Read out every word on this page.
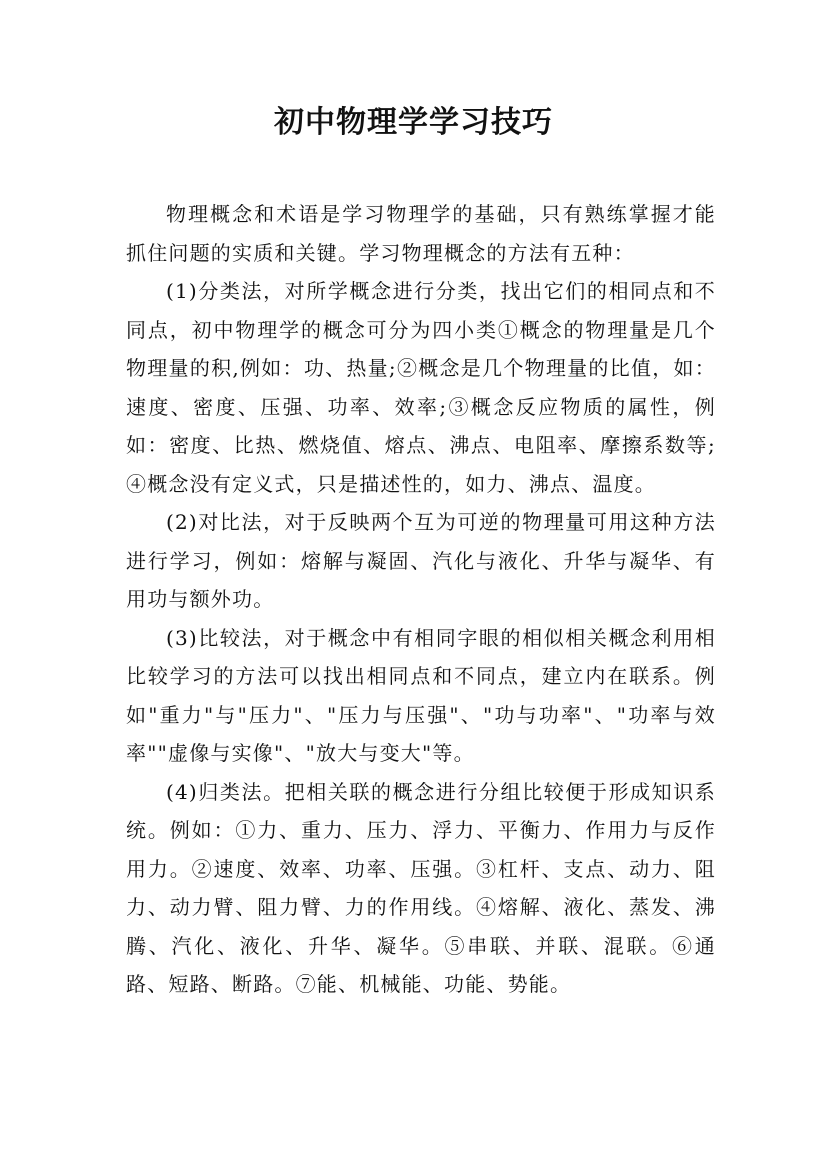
初中物理学学习技巧

物理概念和术语是学习物理学的基础，只有熟练掌握才能抓住问题的实质和关键。学习物理概念的方法有五种：

(1)分类法，对所学概念进行分类，找出它们的相同点和不同点，初中物理学的概念可分为四小类①概念的物理量是几个物理量的积,例如：功、热量;②概念是几个物理量的比值，如：速度、密度、压强、功率、效率;③概念反应物质的属性，例如：密度、比热、燃烧值、熔点、沸点、电阻率、摩擦系数等;④概念没有定义式，只是描述性的，如力、沸点、温度。

(2)对比法，对于反映两个互为可逆的物理量可用这种方法进行学习，例如：熔解与凝固、汽化与液化、升华与凝华、有用功与额外功。

(3)比较法，对于概念中有相同字眼的相似相关概念利用相比较学习的方法可以找出相同点和不同点，建立内在联系。例如"重力"与"压力"、"压力与压强"、"功与功率"、"功率与效率""虚像与实像"、"放大与变大"等。

(4)归类法。把相关联的概念进行分组比较便于形成知识系统。例如：①力、重力、压力、浮力、平衡力、作用力与反作用力。②速度、效率、功率、压强。③杠杆、支点、动力、阻力、动力臂、阻力臂、力的作用线。④熔解、液化、蒸发、沸腾、汽化、液化、升华、凝华。⑤串联、并联、混联。⑥通路、短路、断路。⑦能、机械能、功能、势能。
